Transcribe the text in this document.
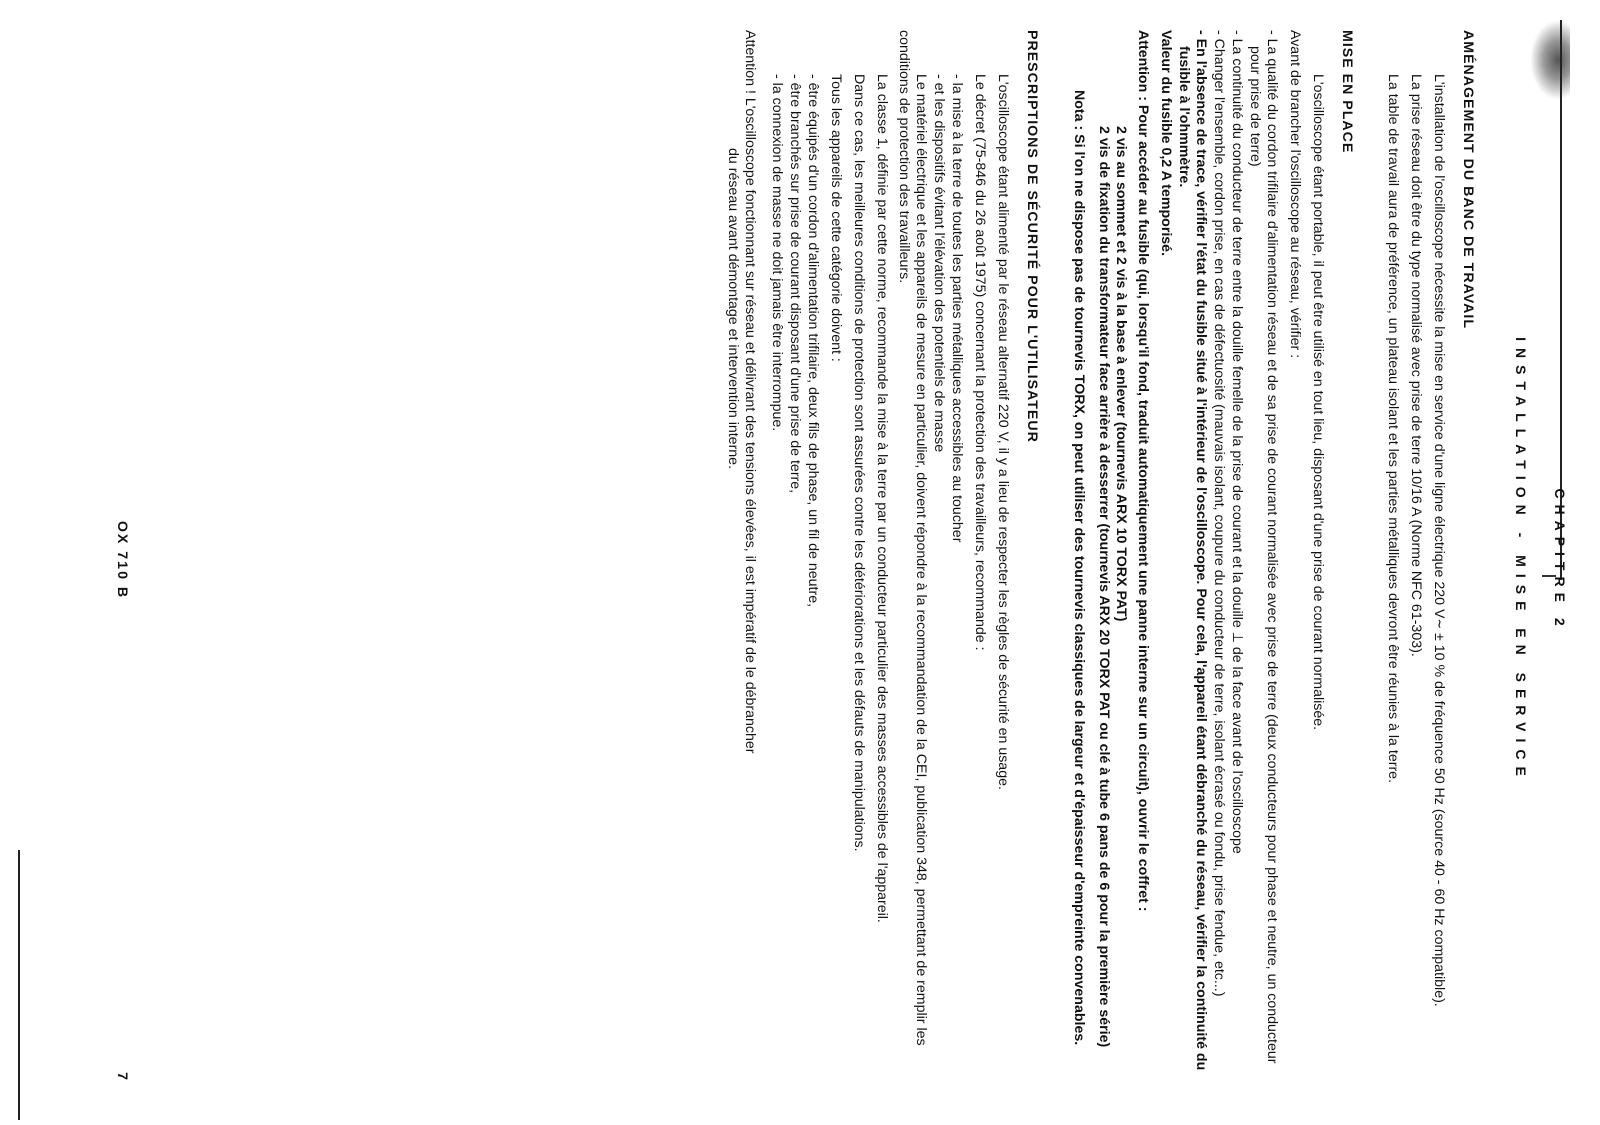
CHAPITRE 2
INSTALLATION - MISE EN SERVICE
AMÉNAGEMENT DU BANC DE TRAVAIL

L'installation de l'oscilloscope nécessite la mise en service d'une ligne électrique 220 V∼ ± 10 % de fréquence 50 Hz (source 40 - 60 Hz compatible).

La prise réseau doit être du type normalisé avec prise de terre 10/16 A (Norme NFC 61-303).

La table de travail aura de préférence, un plateau isolant et les parties métalliques devront être réunies à la terre.

MISE EN PLACE

L'oscilloscope étant portable, il peut être utilisé en tout lieu, disposant d'une prise de courant normalisée.

Avant de brancher l'oscilloscope au réseau, vérifier :

- La qualité du cordon trifilaire d'alimentation réseau et de sa prise de courant normalisée avec prise de terre (deux conducteurs pour phase et neutre, un conducteur pour prise de terre)
- La continuité du conducteur de terre entre la douille femelle de la prise de courant et la douille ⊥ de la face avant de l'oscilloscope
- Changer l'ensemble, cordon prise, en cas de défectuosité (mauvais isolant, coupure du conducteur de terre, isolant écrasé ou fondu, prise fendue, etc...)
- En l'absence de trace, vérifier l'état du fusible situé à l'intérieur de l'oscilloscope. Pour cela, l'appareil étant débranché du réseau, vérifier la continuité du fusible à l'ohmmètre.

Valeur du fusible 0,2 A temporisé.

Attention : Pour accéder au fusible (qui, lorsqu'il fond, traduit automatiquement une panne interne sur un circuit), ouvrir le coffret :

2 vis au sommet et 2 vis à la base à enlever (tournevis ARX 10 TORX PAT)
2 vis de fixation du transformateur face arrière à desserrer (tournevis ARX 20 TORX PAT ou clé à tube 6 pans de 6 pour la première série)

Nota : Si l'on ne dispose pas de tournevis TORX, on peut utiliser des tournevis classiques de largeur et d'épaisseur d'empreinte convenables.

PRESCRIPTIONS DE SÉCURITÉ POUR L'UTILISATEUR

L'oscilloscope étant alimenté par le réseau alternatif 220 V, il y a lieu de respecter les règles de sécurité en usage.

Le décret (75-846 du 26 août 1975) concernant la protection des travailleurs, recommande :

- la mise à la terre de toutes les parties métalliques accessibles au toucher
- et les dispositifs évitant l'élévation des potentiels de masse

Le matériel électrique et les appareils de mesure en particulier, doivent répondre à la recommandation de la CEI, publication 348, permettant de remplir les conditions de protection des travailleurs.

La classe 1, définie par cette norme, recommande la mise à la terre par un conducteur particulier des masses accessibles de l'appareil.

Dans ce cas, les meilleures conditions de protection sont assurées contre les détériorations et les défauts de manipulations.

Tous les appareils de cette catégorie doivent :

- être équipés d'un cordon d'alimentation trifilaire, deux fils de phase, un fil de neutre,
- être branchés sur prise de courant disposant d'une prise de terre,
- la connexion de masse ne doit jamais être interrompue.
Attention ! L'oscilloscope fonctionnant sur réseau et délivrant des tensions élevées, il est impératif de le débrancher
du réseau avant démontage et intervention interne.
OX 710 B
7
